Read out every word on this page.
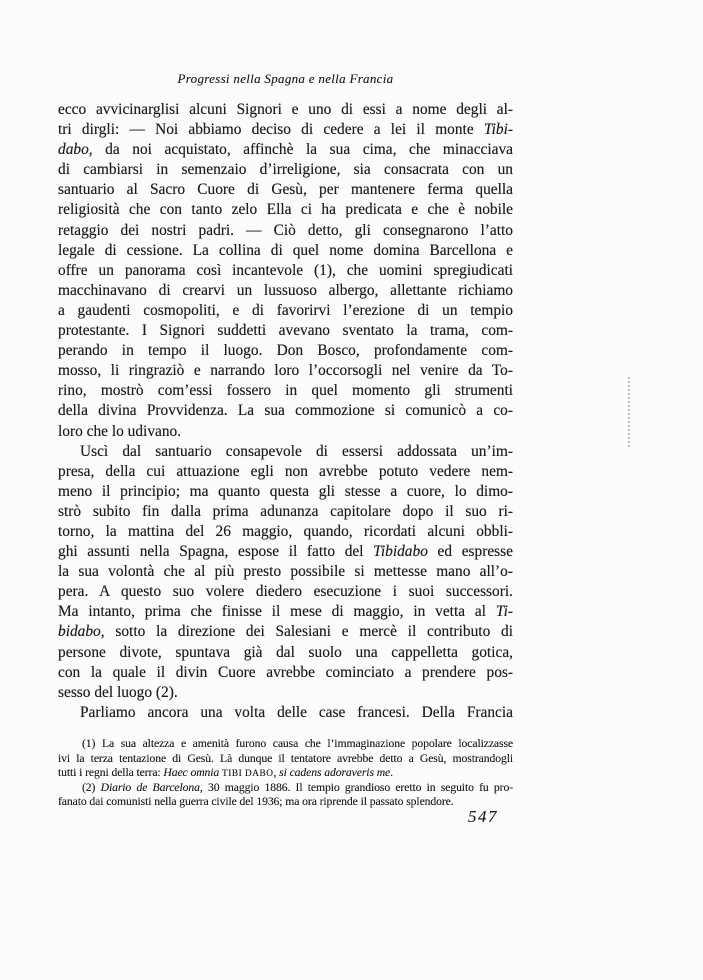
Progressi nella Spagna e nella Francia
ecco avvicinarglisi alcuni Signori e uno di essi a nome degli al-
tri dirgli: — Noi abbiamo deciso di cedere a lei il monte Tibi-
dabo, da noi acquistato, affinchè la sua cima, che minacciava
di cambiarsi in semenzaio d’irreligione, sia consacrata con un
santuario al Sacro Cuore di Gesù, per mantenere ferma quella
religiosità che con tanto zelo Ella ci ha predicata e che è nobile
retaggio dei nostri padri. — Ciò detto, gli consegnarono l’atto
legale di cessione. La collina di quel nome domina Barcellona e
offre un panorama così incantevole (1), che uomini spregiudicati
macchinavano di crearvi un lussuoso albergo, allettante richiamo
a gaudenti cosmopoliti, e di favorirvi l’erezione di un tempio
protestante. I Signori suddetti avevano sventato la trama, com-
perando in tempo il luogo. Don Bosco, profondamente com-
mosso, li ringraziò e narrando loro l’occorsogli nel venire da To-
rino, mostrò com’essi fossero in quel momento gli strumenti
della divina Provvidenza. La sua commozione si comunicò a co-
loro che lo udivano.
Uscì dal santuario consapevole di essersi addossata un’im-
presa, della cui attuazione egli non avrebbe potuto vedere nem-
meno il principio; ma quanto questa gli stesse a cuore, lo dimo-
strò subito fin dalla prima adunanza capitolare dopo il suo ri-
torno, la mattina del 26 maggio, quando, ricordati alcuni obbli-
ghi assunti nella Spagna, espose il fatto del Tibidabo ed espresse
la sua volontà che al più presto possibile si mettesse mano all’o-
pera. A questo suo volere diedero esecuzione i suoi successori.
Ma intanto, prima che finisse il mese di maggio, in vetta al Ti-
bidabo, sotto la direzione dei Salesiani e mercè il contributo di
persone divote, spuntava già dal suolo una cappelletta gotica,
con la quale il divin Cuore avrebbe cominciato a prendere pos-
sesso del luogo (2).
Parliamo ancora una volta delle case francesi. Della Francia
(1) La sua altezza e amenità furono causa che l’immaginazione popolare localizzasse
ivi la terza tentazione di Gesù. Là dunque il tentatore avrebbe detto a Gesù, mostrandogli
tutti i regni della terra: Haec omnia TIBI DABO, si cadens adoraveris me.
(2) Diario de Barcelona, 30 maggio 1886. Il tempio grandioso eretto in seguito fu pro-
fanato dai comunisti nella guerra civile del 1936; ma ora riprende il passato splendore.
547
